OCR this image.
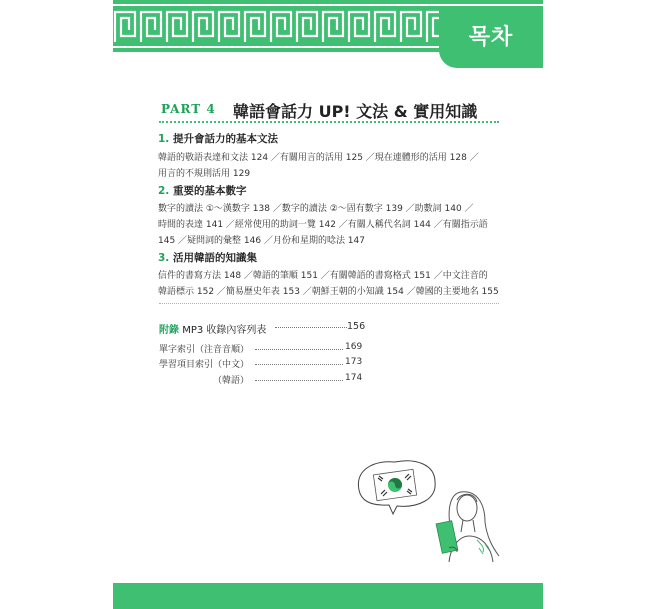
목차
PART 4 韓語會話力 UP! 文法 & 實用知識
1. 提升會話力的基本文法
韓語的敬語表達和文法 124 ／有關用言的活用 125 ／現在連體形的活用 128 ／
用言的不規則活用 129
2. 重要的基本數字
數字的讀法 ①～漢數字 138 ／數字的讀法 ②～固有數字 139 ／助數詞 140 ／
時間的表達 141 ／經常使用的助詞一覽 142 ／有關人稱代名詞 144 ／有關指示語
145 ／疑問詞的彙整 146 ／月份和星期的唸法 147
3. 活用韓語的知識集
信件的書寫方法 148 ／韓語的筆順 151 ／有關韓語的書寫格式 151 ／中文注音的
韓語標示 152 ／簡易歷史年表 153 ／朝鮮王朝的小知識 154 ／韓國的主要地名 155
附錄 MP3 收錄內容列表	156
單字索引（注音音順）	169
學習項目索引（中文）	173
（韓語）	174
